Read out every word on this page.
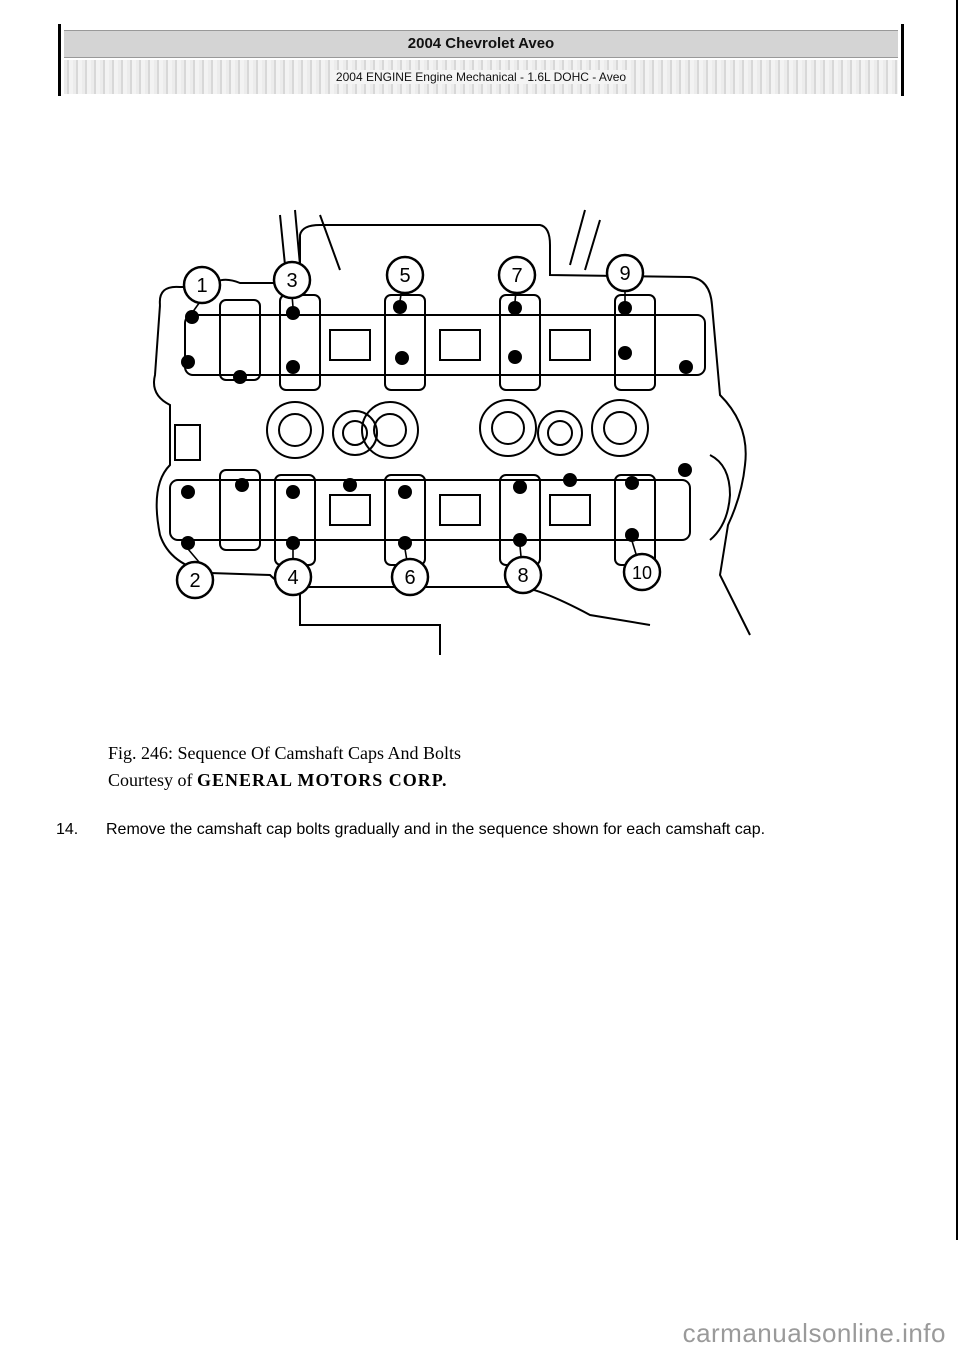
2004 Chevrolet Aveo
2004 ENGINE Engine Mechanical - 1.6L DOHC - Aveo
1	3	5	7	9
2	4	6	8	10
Fig. 246: Sequence Of Camshaft Caps And Bolts
Courtesy of GENERAL MOTORS CORP.
14. Remove the camshaft cap bolts gradually and in the sequence shown for each camshaft cap.
carmanualsonline.info
